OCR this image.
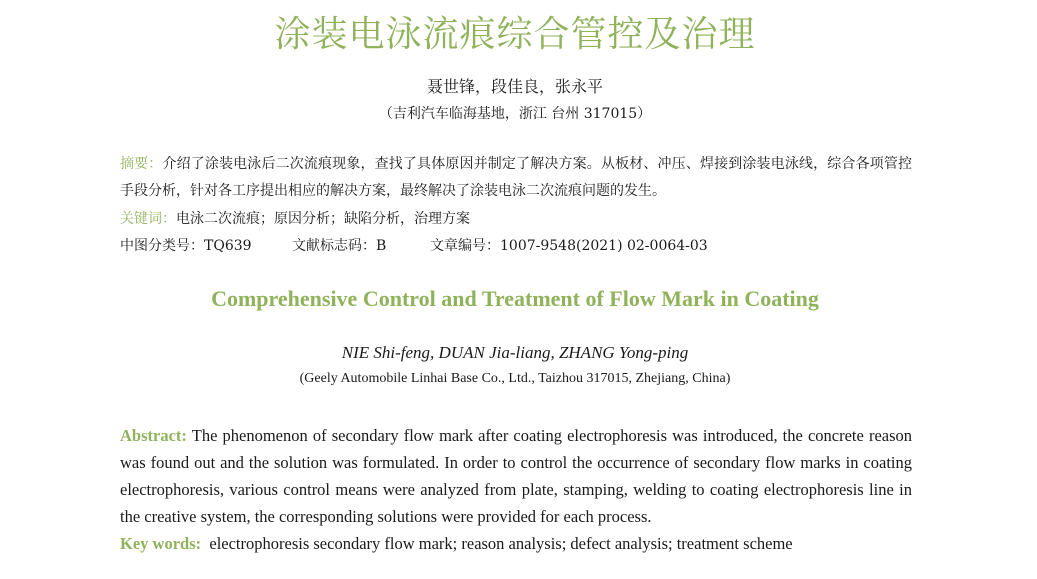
涂装电泳流痕综合管控及治理
聂世锋，段佳良，张永平
（吉利汽车临海基地，浙江 台州 317015）
摘要：介绍了涂装电泳后二次流痕现象，查找了具体原因并制定了解决方案。从板材、冲压、焊接到涂装电泳线，综合各项管控手段分析，针对各工序提出相应的解决方案，最终解决了涂装电泳二次流痕问题的发生。
关键词：电泳二次流痕；原因分析；缺陷分析，治理方案
中图分类号：TQ639	文献标志码：B	文章编号：1007-9548(2021) 02-0064-03
Comprehensive Control and Treatment of Flow Mark in Coating
NIE Shi-feng, DUAN Jia-liang, ZHANG Yong-ping
(Geely Automobile Linhai Base Co., Ltd., Taizhou 317015, Zhejiang, China)
Abstract: The phenomenon of secondary flow mark after coating electrophoresis was introduced, the concrete reason was found out and the solution was formulated. In order to control the occurrence of secondary flow marks in coating electrophoresis, various control means were analyzed from plate, stamping, welding to coating electrophoresis line in the creative system, the corresponding solutions were provided for each process.
Key words: electrophoresis secondary flow mark; reason analysis; defect analysis; treatment scheme
